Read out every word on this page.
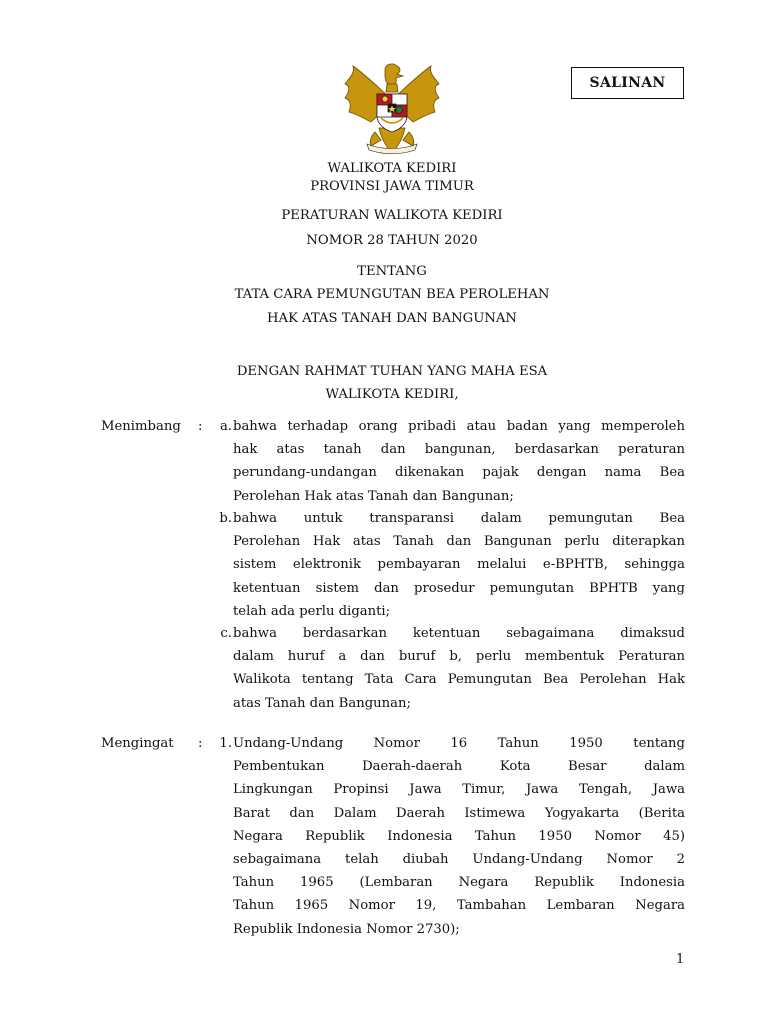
SALINAN
WALIKOTA KEDIRI
PROVINSI JAWA TIMUR
PERATURAN WALIKOTA KEDIRI
NOMOR 28 TAHUN 2020
TENTANG
TATA CARA PEMUNGUTAN BEA PEROLEHAN
HAK ATAS TANAH DAN BANGUNAN
DENGAN RAHMAT TUHAN YANG MAHA ESA
WALIKOTA KEDIRI,
Menimbang :	a. bahwa terhadap orang pribadi atau badan yang memperoleh
hak atas tanah dan bangunan, berdasarkan peraturan
perundang-undangan dikenakan pajak dengan nama Bea
Perolehan Hak atas Tanah dan Bangunan;
b. bahwa untuk transparansi dalam pemungutan Bea
Perolehan Hak atas Tanah dan Bangunan perlu diterapkan
sistem elektronik pembayaran melalui e-BPHTB, sehingga
ketentuan sistem dan prosedur pemungutan BPHTB yang
telah ada perlu diganti;
c. bahwa berdasarkan ketentuan sebagaimana dimaksud
dalam huruf a dan buruf b, perlu membentuk Peraturan
Walikota tentang Tata Cara Pemungutan Bea Perolehan Hak
atas Tanah dan Bangunan;
Mengingat :	1. Undang-Undang Nomor 16 Tahun 1950 tentang
Pembentukan Daerah-daerah Kota Besar dalam
Lingkungan Propinsi Jawa Timur, Jawa Tengah, Jawa
Barat dan Dalam Daerah Istimewa Yogyakarta (Berita
Negara Republik Indonesia Tahun 1950 Nomor 45)
sebagaimana telah diubah Undang-Undang Nomor 2
Tahun 1965 (Lembaran Negara Republik Indonesia
Tahun 1965 Nomor 19, Tambahan Lembaran Negara
Republik Indonesia Nomor 2730);
1
